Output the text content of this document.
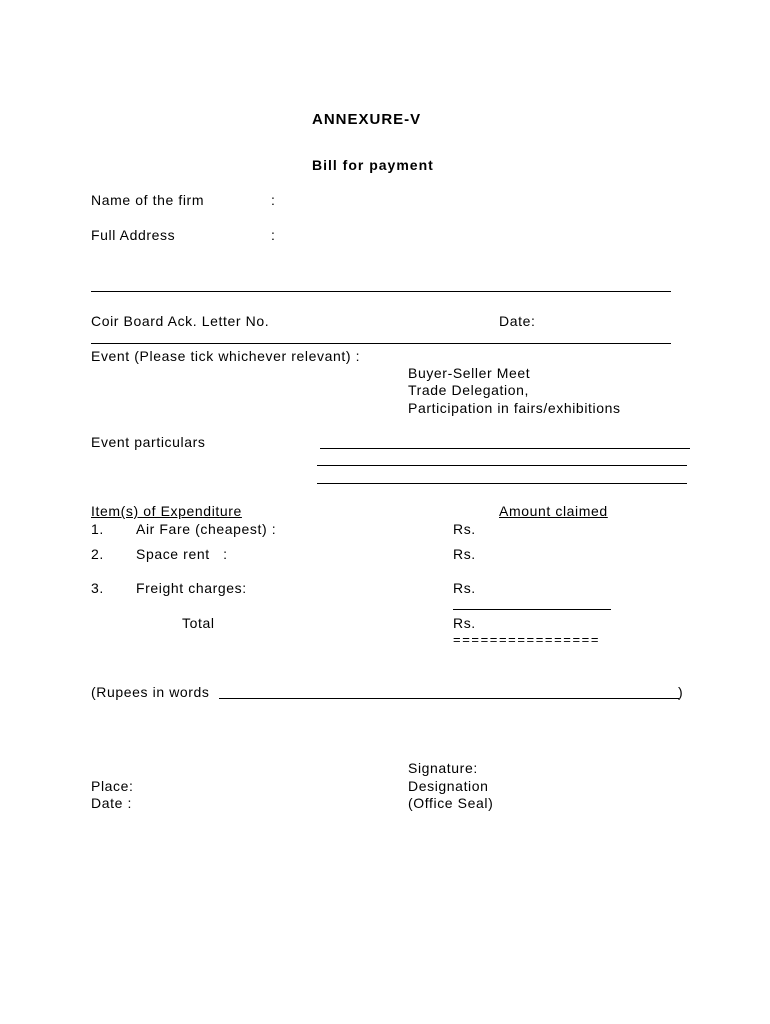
ANNEXURE-V
Bill for payment
Name of the firm	:
Full Address	:
Coir Board Ack. Letter No.	Date:
Event (Please tick whichever relevant) :
Buyer-Seller Meet
Trade Delegation,
Participation in fairs/exhibitions
Event particulars
Item(s) of Expenditure	Amount claimed
1. Air Fare (cheapest) :	Rs.
2. Space rent   :	Rs.
3. Freight charges:	Rs.
Total	Rs.
================
(Rupees in words	)
Signature:
Place:	Designation
Date :	(Office Seal)
